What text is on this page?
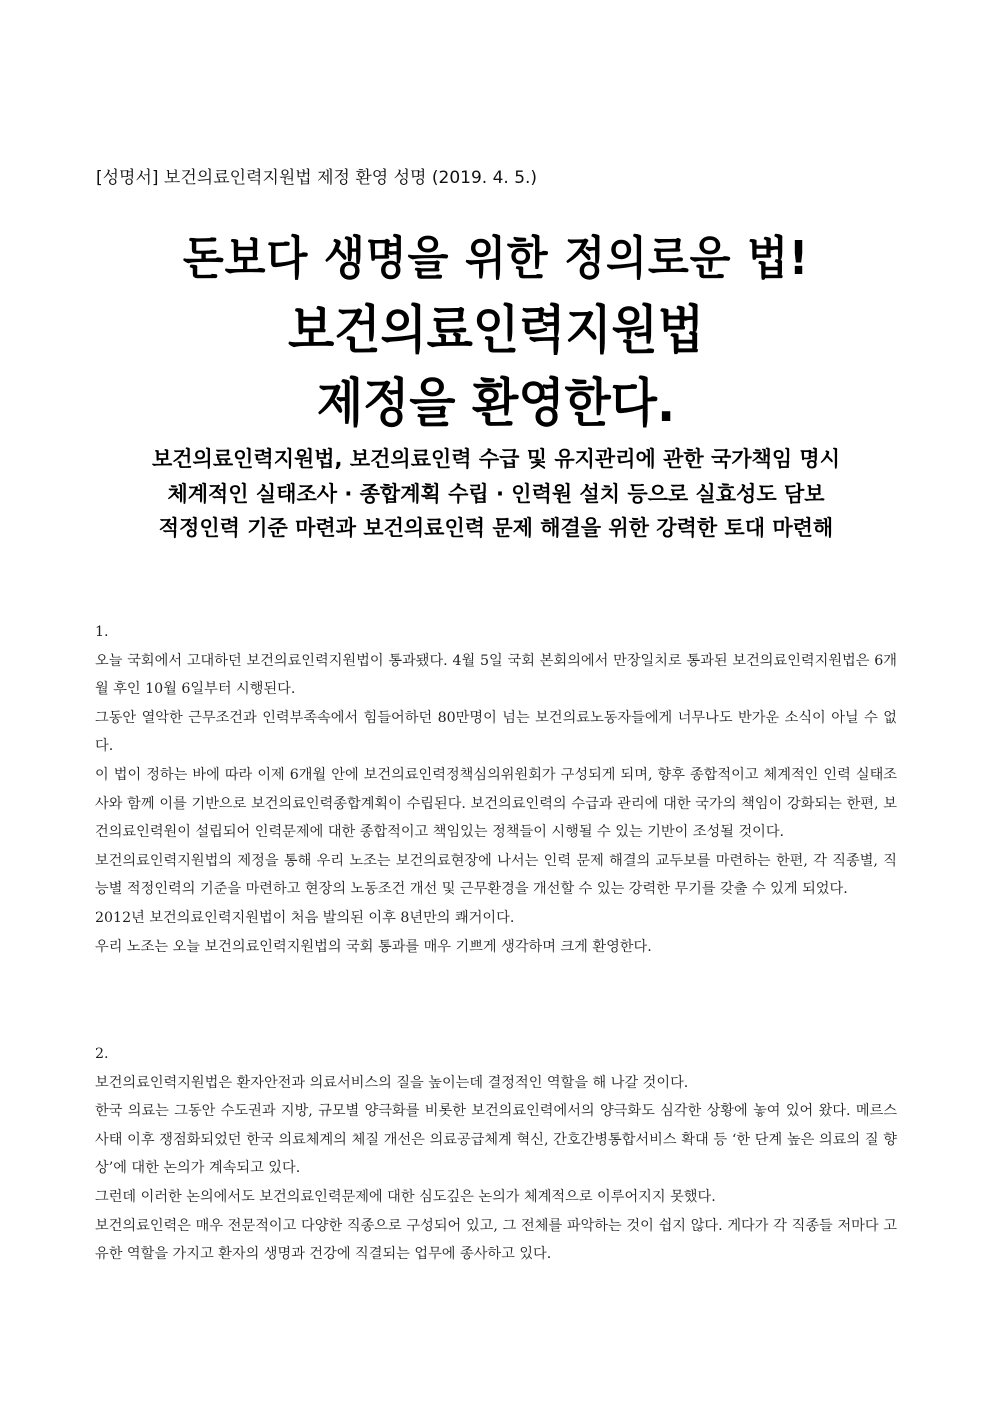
[성명서] 보건의료인력지원법 제정 환영 성명 (2019. 4. 5.)
돈보다 생명을 위한 정의로운 법!
보건의료인력지원법
제정을 환영한다.
보건의료인력지원법, 보건의료인력 수급 및 유지관리에 관한 국가책임 명시
체계적인 실태조사 · 종합계획 수립 · 인력원 설치 등으로 실효성도 담보
적정인력 기준 마련과 보건의료인력 문제 해결을 위한 강력한 토대 마련해

1.

오늘 국회에서 고대하던 보건의료인력지원법이 통과됐다. 4월 5일 국회 본회의에서 만장일치로 통과된 보건의료인력지원법은 6개월 후인 10월 6일부터 시행된다.

그동안 열악한 근무조건과 인력부족속에서 힘들어하던 80만명이 넘는 보건의료노동자들에게 너무나도 반가운 소식이 아닐 수 없다.

이 법이 정하는 바에 따라 이제 6개월 안에 보건의료인력정책심의위원회가 구성되게 되며, 향후 종합적이고 체계적인 인력 실태조사와 함께 이를 기반으로 보건의료인력종합계획이 수립된다. 보건의료인력의 수급과 관리에 대한 국가의 책임이 강화되는 한편, 보건의료인력원이 설립되어 인력문제에 대한 종합적이고 책임있는 정책들이 시행될 수 있는 기반이 조성될 것이다.

보건의료인력지원법의 제정을 통해 우리 노조는 보건의료현장에 나서는 인력 문제 해결의 교두보를 마련하는 한편, 각 직종별, 직능별 적정인력의 기준을 마련하고 현장의 노동조건 개선 및 근무환경을 개선할 수 있는 강력한 무기를 갖출 수 있게 되었다.

2012년 보건의료인력지원법이 처음 발의된 이후 8년만의 쾌거이다.

우리 노조는 오늘 보건의료인력지원법의 국회 통과를 매우 기쁘게 생각하며 크게 환영한다.

2.

보건의료인력지원법은 환자안전과 의료서비스의 질을 높이는데 결정적인 역할을 해 나갈 것이다.

한국 의료는 그동안 수도권과 지방, 규모별 양극화를 비롯한 보건의료인력에서의 양극화도 심각한 상황에 놓여 있어 왔다. 메르스 사태 이후 쟁점화되었던 한국 의료체계의 체질 개선은 의료공급체계 혁신, 간호간병통합서비스 확대 등 ‘한 단계 높은 의료의 질 향상’에 대한 논의가 계속되고 있다.

그런데 이러한 논의에서도 보건의료인력문제에 대한 심도깊은 논의가 체계적으로 이루어지지 못했다.

보건의료인력은 매우 전문적이고 다양한 직종으로 구성되어 있고, 그 전체를 파악하는 것이 쉽지 않다. 게다가 각 직종들 저마다 고유한 역할을 가지고 환자의 생명과 건강에 직결되는 업무에 종사하고 있다.
